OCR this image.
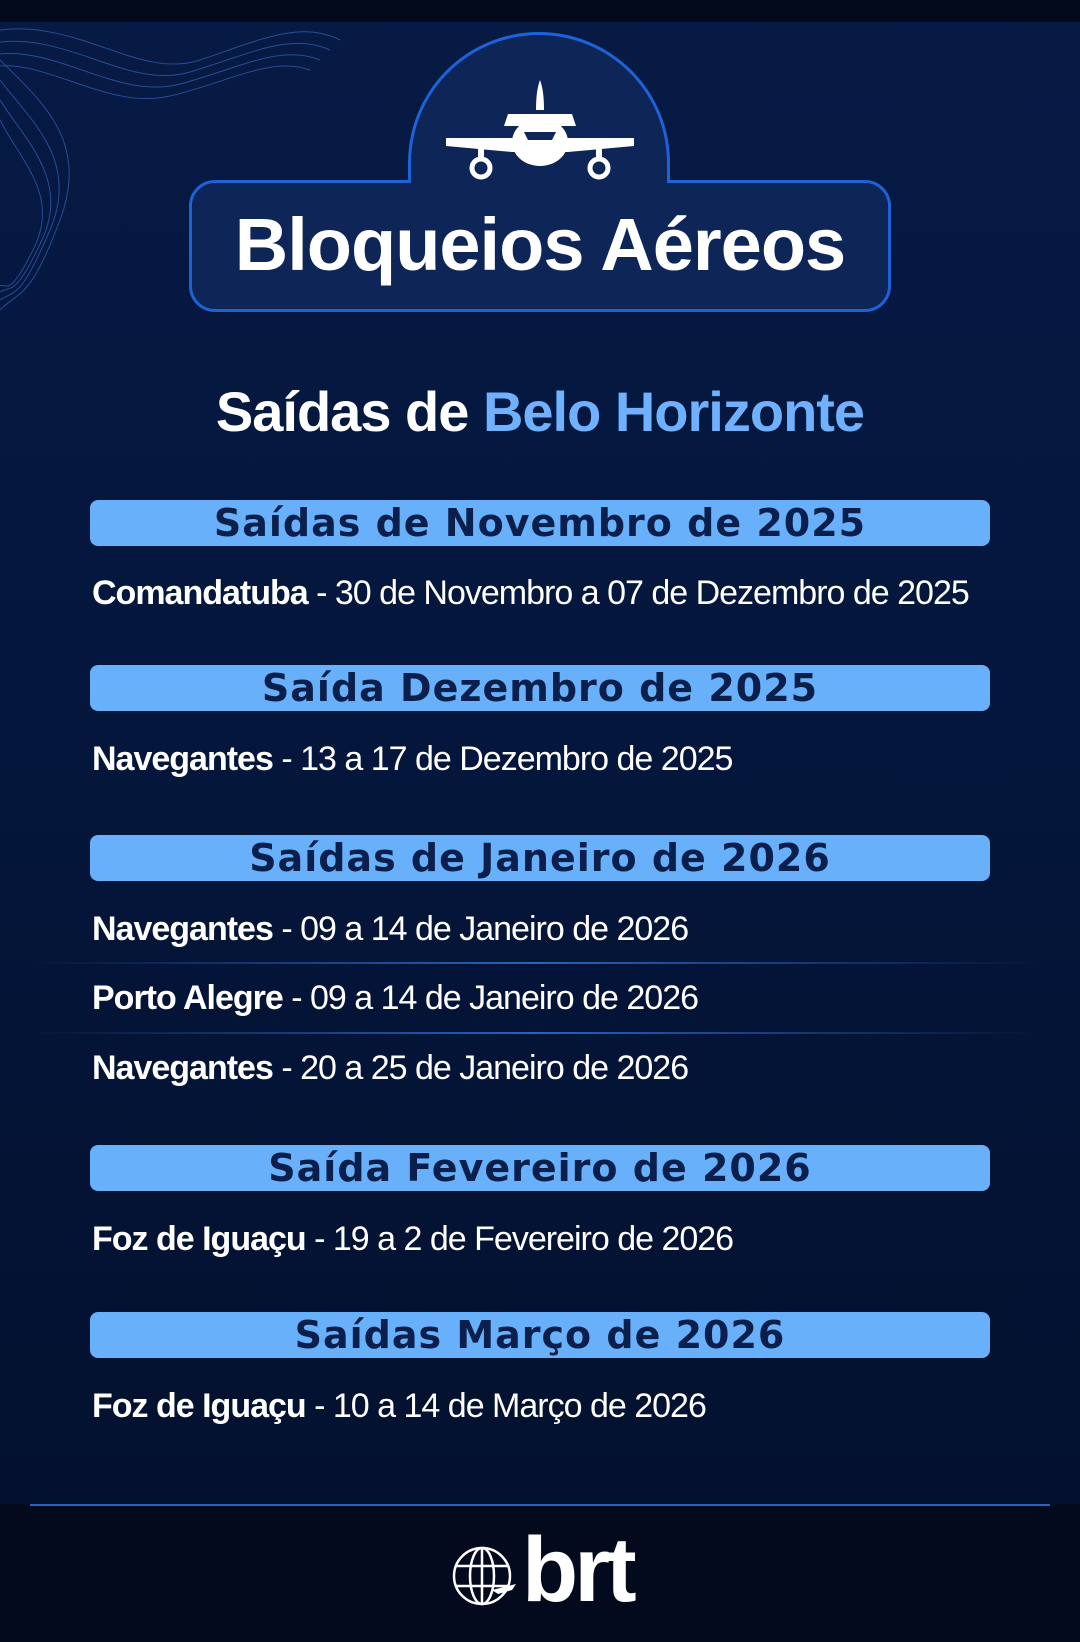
Bloqueios Aéreos
Saídas de Belo Horizonte
Saídas de Novembro de 2025
Comandatuba - 30 de Novembro a 07 de Dezembro de 2025
Saída Dezembro de 2025
Navegantes - 13 a 17 de Dezembro de 2025
Saídas de Janeiro de 2026
Navegantes - 09 a 14 de Janeiro de 2026
Porto Alegre - 09 a 14 de Janeiro de 2026
Navegantes - 20 a 25 de Janeiro de 2026
Saída Fevereiro de 2026
Foz de Iguaçu - 19 a 2 de Fevereiro de 2026
Saídas Março de 2026
Foz de Iguaçu - 10 a 14 de Março de 2026
brt
